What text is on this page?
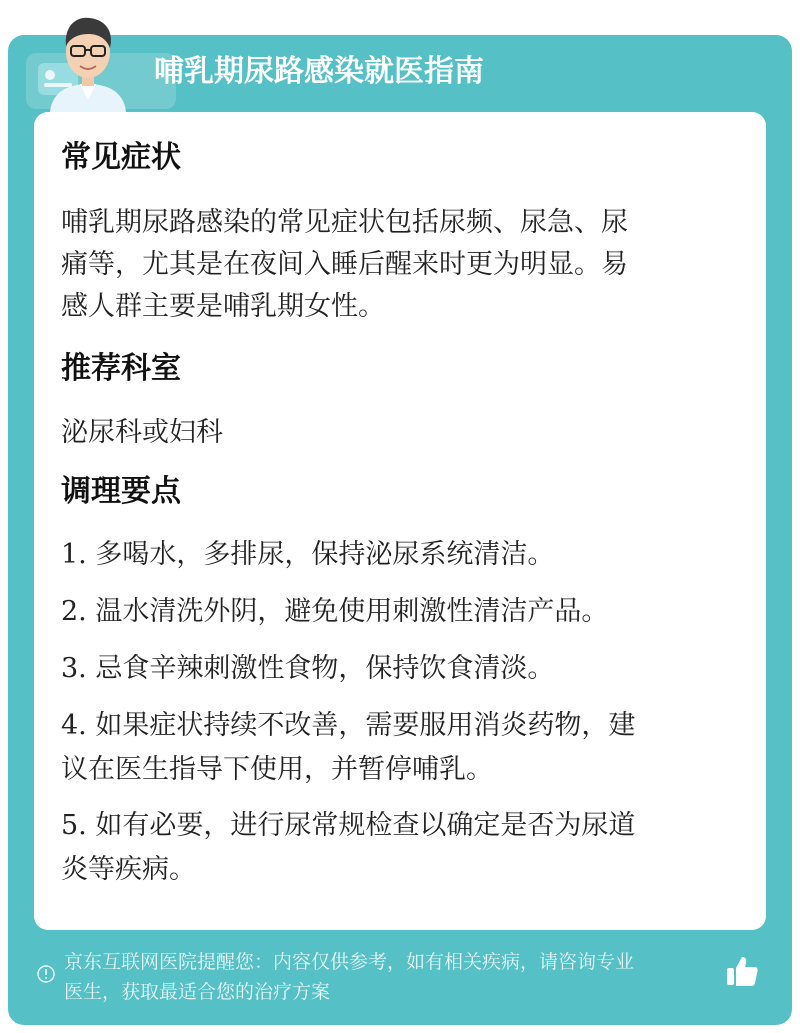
哺乳期尿路感染就医指南
常见症状
哺乳期尿路感染的常见症状包括尿频、尿急、尿
痛等，尤其是在夜间入睡后醒来时更为明显。易
感人群主要是哺乳期女性。
推荐科室
泌尿科或妇科
调理要点
1. 多喝水，多排尿，保持泌尿系统清洁。
2. 温水清洗外阴，避免使用刺激性清洁产品。
3. 忌食辛辣刺激性食物，保持饮食清淡。
4. 如果症状持续不改善，需要服用消炎药物，建
议在医生指导下使用，并暂停哺乳。
5. 如有必要，进行尿常规检查以确定是否为尿道
炎等疾病。
京东互联网医院提醒您：内容仅供参考，如有相关疾病，请咨询专业
医生，获取最适合您的治疗方案
